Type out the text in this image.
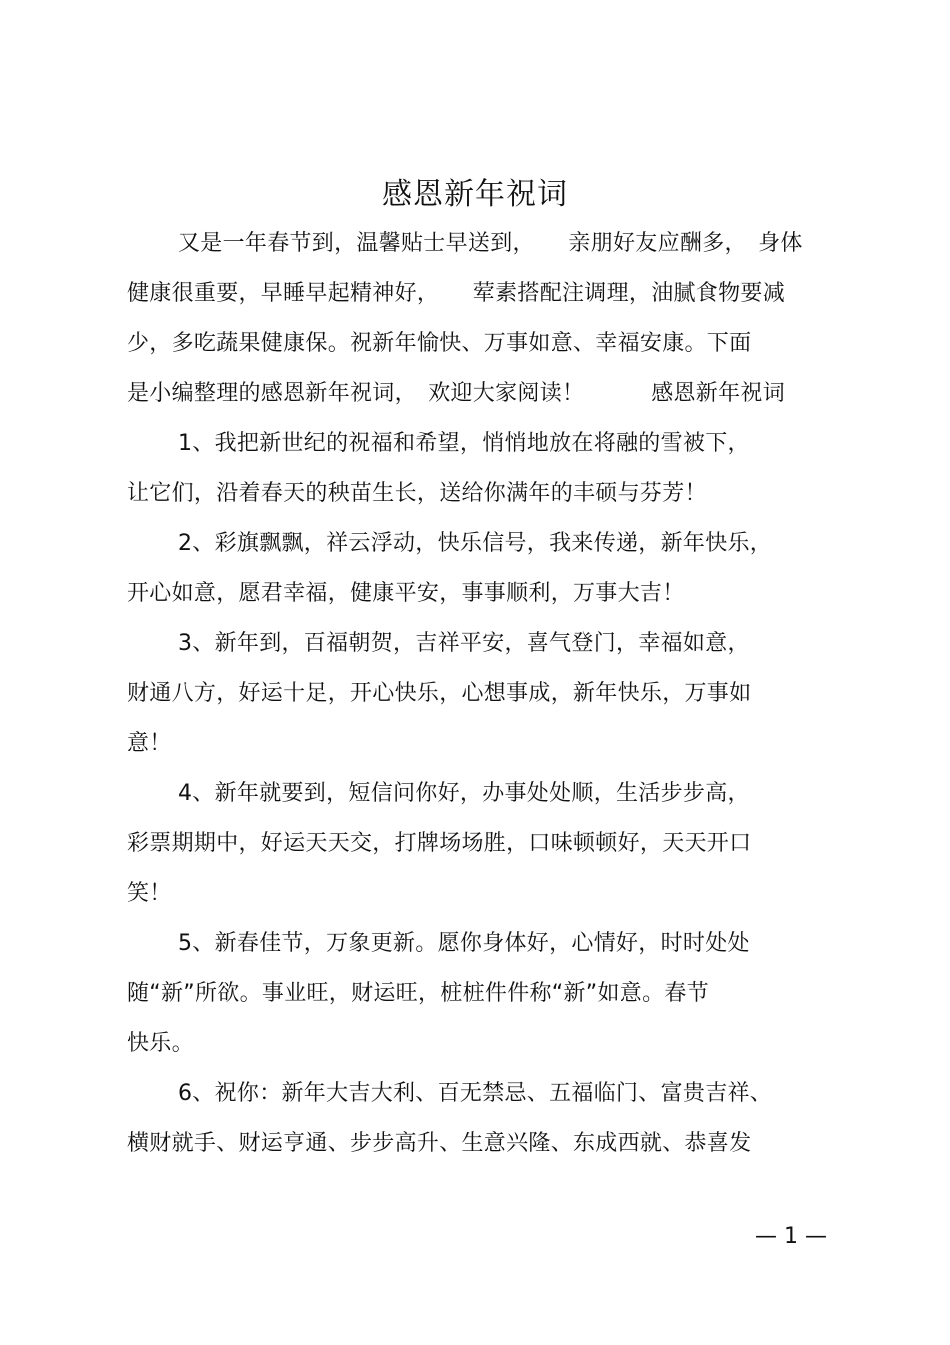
感恩新年祝词
又是一年春节到，温馨贴士早送到，　　亲朋好友应酬多，　身体
健康很重要，早睡早起精神好，　　荤素搭配注调理，油腻食物要减
少，多吃蔬果健康保。祝新年愉快、万事如意、幸福安康。下面
是小编整理的感恩新年祝词，　欢迎大家阅读！　　　感恩新年祝词
1、我把新世纪的祝福和希望，悄悄地放在将融的雪被下，
让它们，沿着春天的秧苗生长，送给你满年的丰硕与芬芳！
2、彩旗飘飘，祥云浮动，快乐信号，我来传递，新年快乐，
开心如意，愿君幸福，健康平安，事事顺利，万事大吉！
3、新年到，百福朝贺，吉祥平安，喜气登门，幸福如意，
财通八方，好运十足，开心快乐，心想事成，新年快乐，万事如
意！
4、新年就要到，短信问你好，办事处处顺，生活步步高，
彩票期期中，好运天天交，打牌场场胜，口味顿顿好，天天开口
笑！
5、新春佳节，万象更新。愿你身体好，心情好，时时处处
随“新”所欲。事业旺，财运旺，桩桩件件称“新”如意。春节
快乐。
6、祝你：新年大吉大利、百无禁忌、五福临门、富贵吉祥、
横财就手、财运亨通、步步高升、生意兴隆、东成西就、恭喜发
— 1 —
